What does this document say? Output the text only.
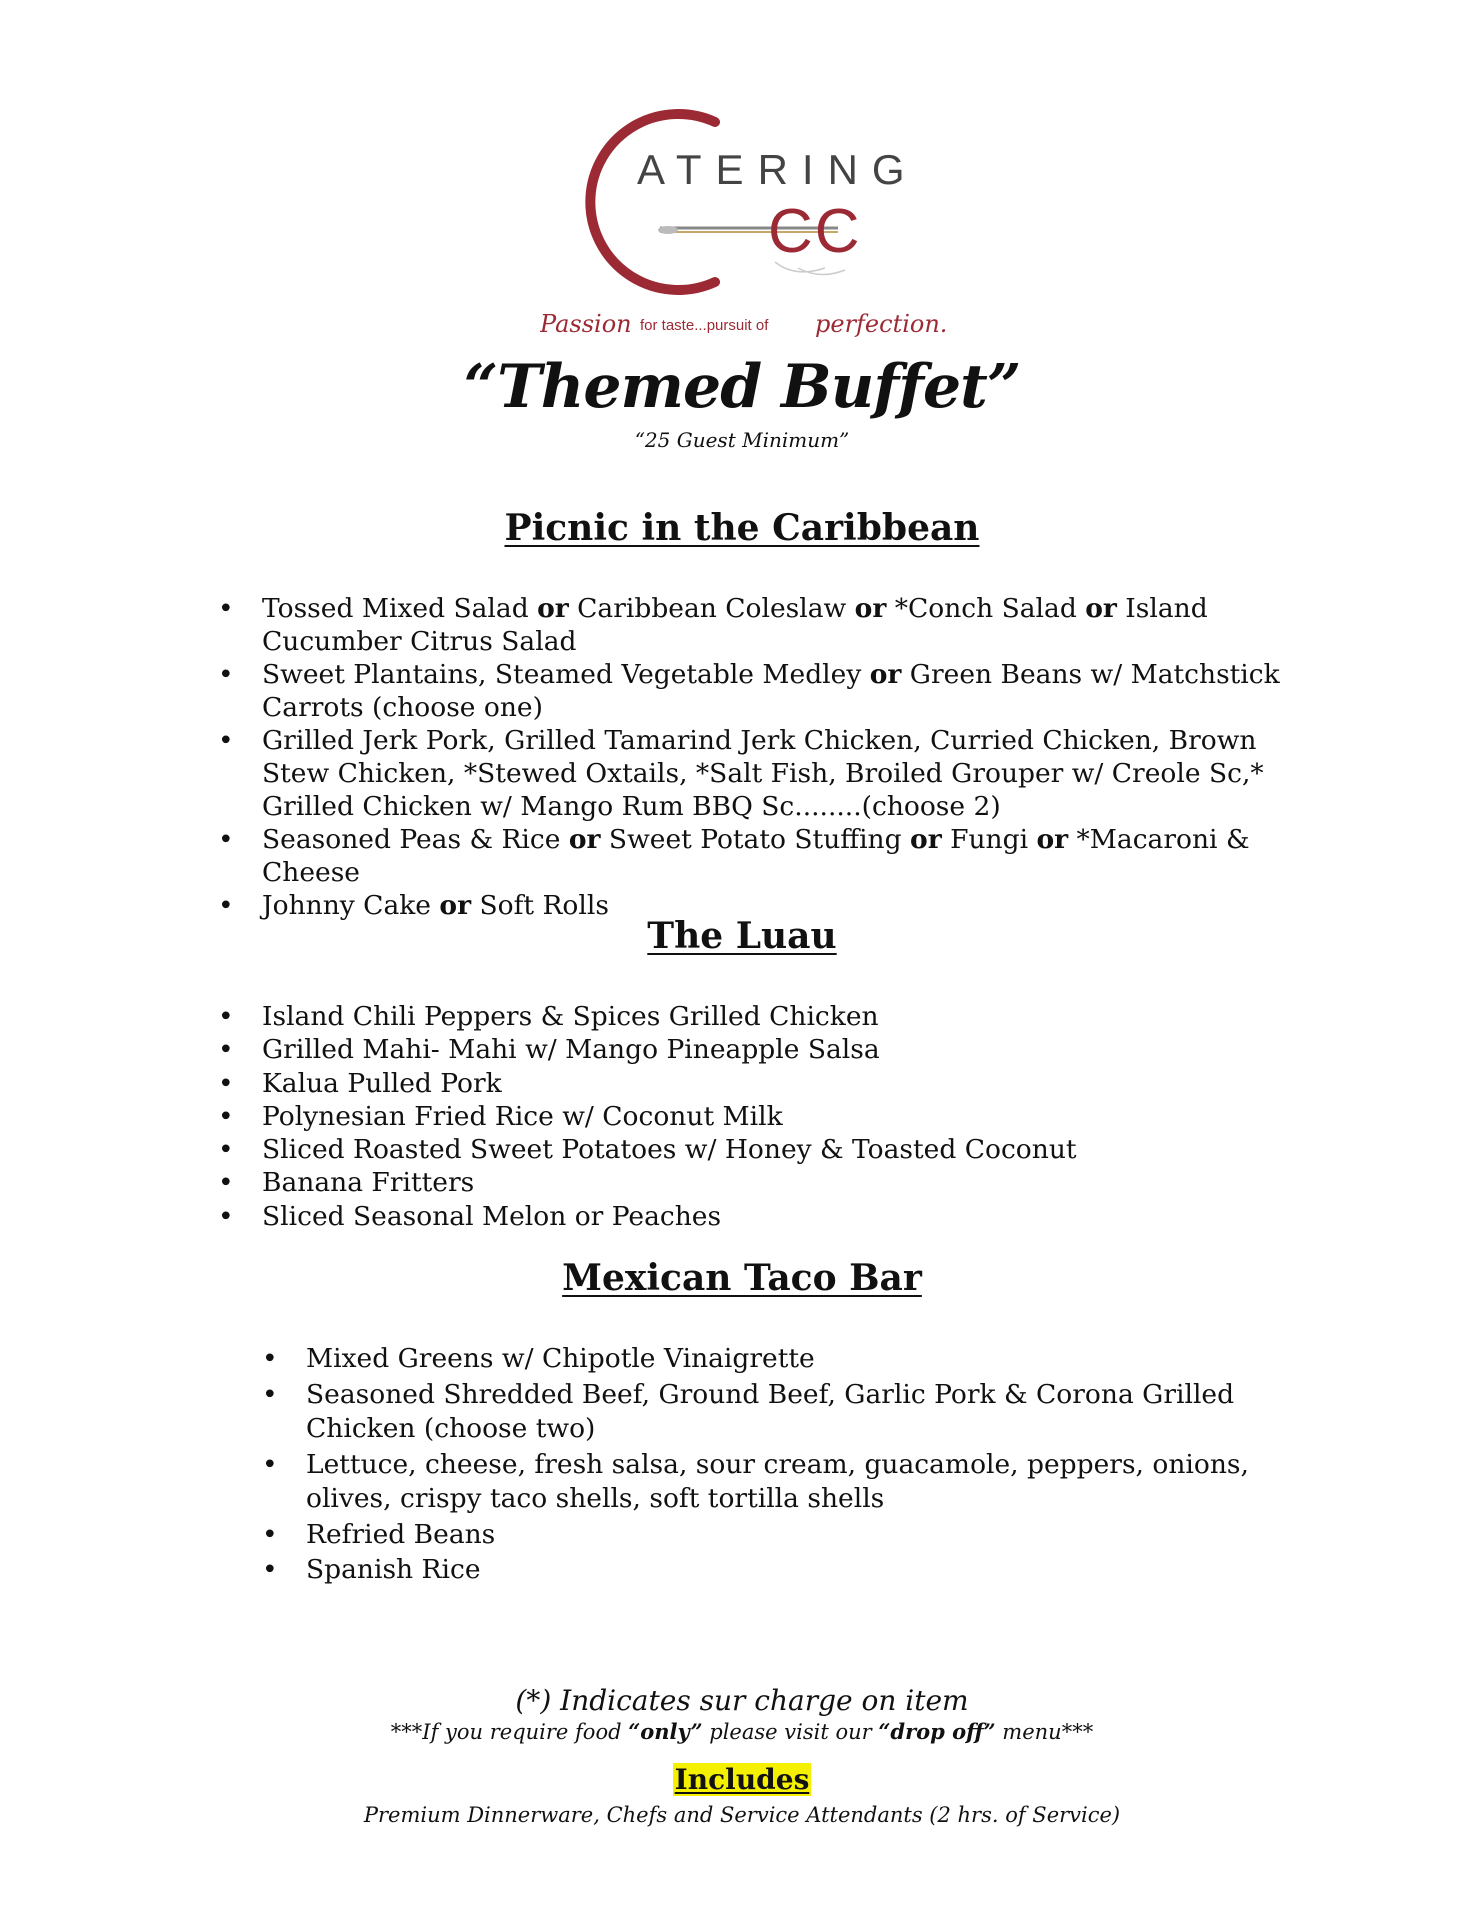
ATERING
CC
Passion for taste...pursuit of perfection.
“Themed Buffet”
“25 Guest Minimum”
Picnic in the Caribbean
• Tossed Mixed Salad or Caribbean Coleslaw or *Conch Salad or Island Cucumber Citrus Salad
• Sweet Plantains, Steamed Vegetable Medley or Green Beans w/ Matchstick Carrots (choose one)
• Grilled Jerk Pork, Grilled Tamarind Jerk Chicken, Curried Chicken, Brown Stew Chicken, *Stewed Oxtails, *Salt Fish, Broiled Grouper w/ Creole Sc,* Grilled Chicken w/ Mango Rum BBQ Sc........(choose 2)
• Seasoned Peas & Rice or Sweet Potato Stuffing or Fungi or *Macaroni & Cheese
• Johnny Cake or Soft Rolls
The Luau
• Island Chili Peppers & Spices Grilled Chicken
• Grilled Mahi- Mahi w/ Mango Pineapple Salsa
• Kalua Pulled Pork
• Polynesian Fried Rice w/ Coconut Milk
• Sliced Roasted Sweet Potatoes w/ Honey & Toasted Coconut
• Banana Fritters
• Sliced Seasonal Melon or Peaches
Mexican Taco Bar
• Mixed Greens w/ Chipotle Vinaigrette
• Seasoned Shredded Beef, Ground Beef, Garlic Pork & Corona Grilled Chicken (choose two)
• Lettuce, cheese, fresh salsa, sour cream, guacamole, peppers, onions, olives, crispy taco shells, soft tortilla shells
• Refried Beans
• Spanish Rice
(*) Indicates sur charge on item
***If you require food “only” please visit our “drop off” menu***
Includes
Premium Dinnerware, Chefs and Service Attendants (2 hrs. of Service)
